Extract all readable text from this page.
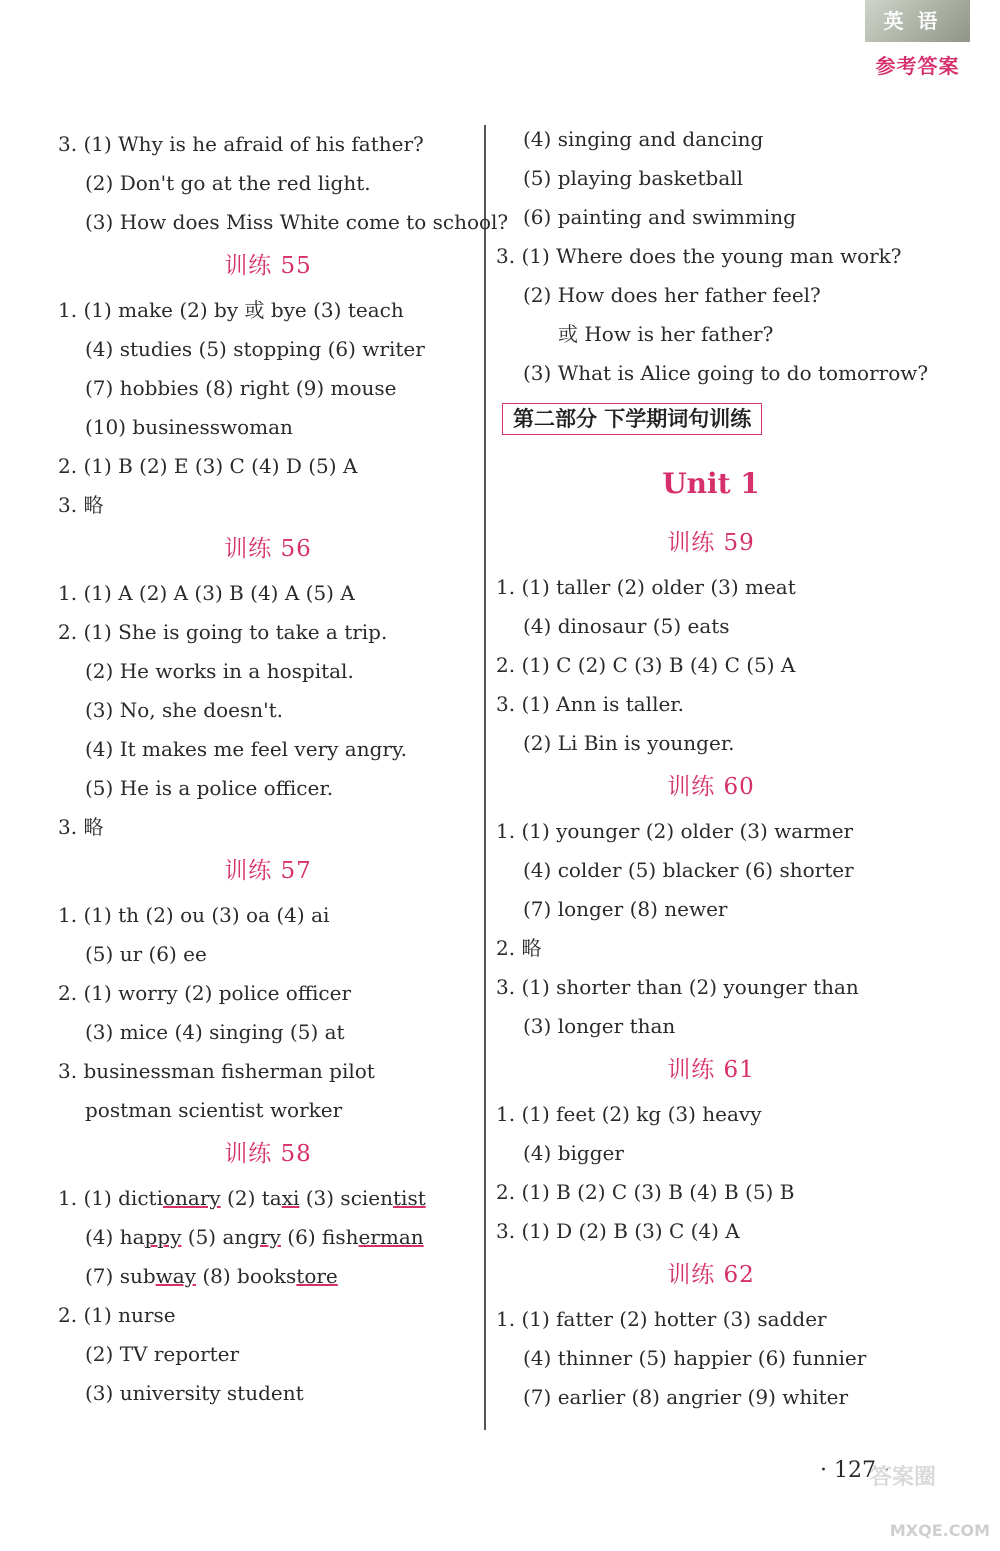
英语
参考答案
3. (1) Why is he afraid of his father?
(2) Don't go at the red light.
(3) How does Miss White come to school?
训练 55
1. (1) make (2) by 或 bye (3) teach
(4) studies (5) stopping (6) writer
(7) hobbies (8) right (9) mouse
(10) businesswoman
2. (1) B (2) E (3) C (4) D (5) A
3. 略
训练 56
1. (1) A (2) A (3) B (4) A (5) A
2. (1) She is going to take a trip.
(2) He works in a hospital.
(3) No, she doesn't.
(4) It makes me feel very angry.
(5) He is a police officer.
3. 略
训练 57
1. (1) th (2) ou (3) oa (4) ai
(5) ur (6) ee
2. (1) worry (2) police officer
(3) mice (4) singing (5) at
3. businessman fisherman pilot
postman scientist worker
训练 58
1. (1) dictionary (2) taxi (3) scientist
(4) happy (5) angry (6) fisherman
(7) subway (8) bookstore
2. (1) nurse
(2) TV reporter
(3) university student
(4) singing and dancing
(5) playing basketball
(6) painting and swimming
3. (1) Where does the young man work?
(2) How does her father feel?
或 How is her father?
(3) What is Alice going to do tomorrow?
第二部分 下学期词句训练
Unit 1
训练 59
1. (1) taller (2) older (3) meat
(4) dinosaur (5) eats
2. (1) C (2) C (3) B (4) C (5) A
3. (1) Ann is taller.
(2) Li Bin is younger.
训练 60
1. (1) younger (2) older (3) warmer
(4) colder (5) blacker (6) shorter
(7) longer (8) newer
2. 略
3. (1) shorter than (2) younger than
(3) longer than
训练 61
1. (1) feet (2) kg (3) heavy
(4) bigger
2. (1) B (2) C (3) B (4) B (5) B
3. (1) D (2) B (3) C (4) A
训练 62
1. (1) fatter (2) hotter (3) sadder
(4) thinner (5) happier (6) funnier
(7) earlier (8) angrier (9) whiter
· 127 ·
答案圈
MXQE.COM
